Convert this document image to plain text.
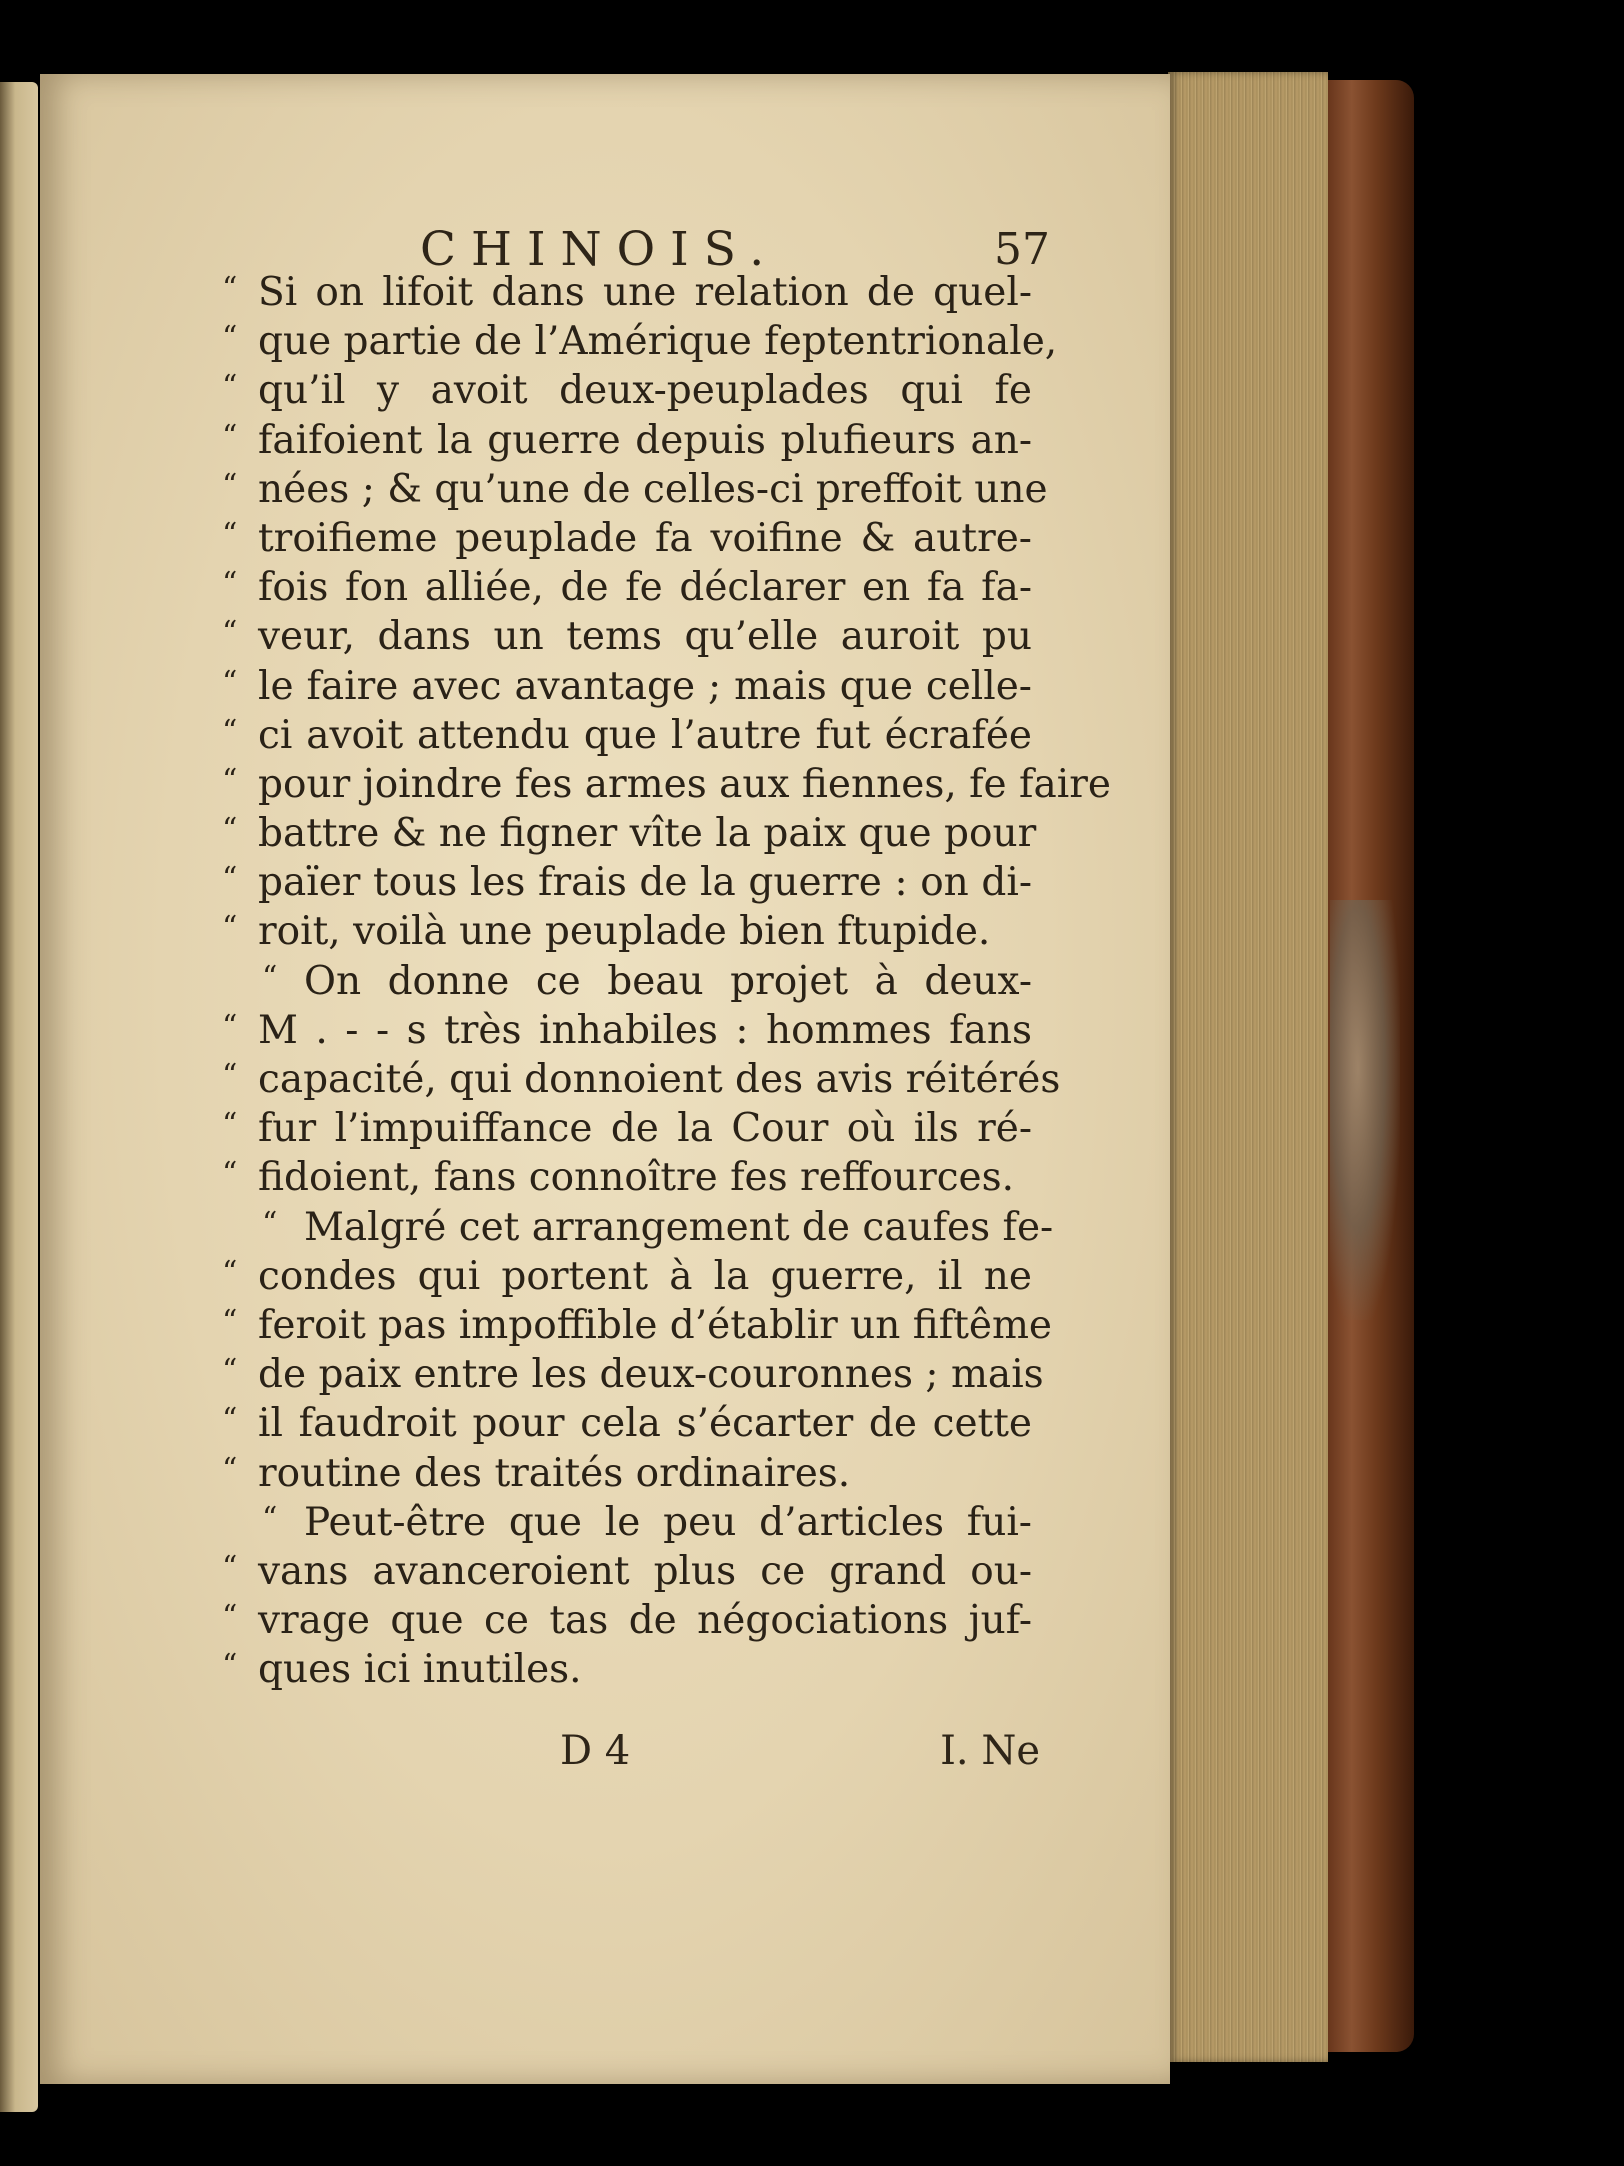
CHINOIS.	57
“ Si on lifoit dans une relation de quel-
“ que partie de l’Amérique feptentrionale,
“ qu’il y avoit deux-peuplades qui fe
“ faifoient la guerre depuis plufieurs an-
“ nées ; & qu’une de celles-ci preffoit une
“ troifieme peuplade fa voifine & autre-
“ fois fon alliée, de fe déclarer en fa fa-
“ veur, dans un tems qu’elle auroit pu
“ le faire avec avantage ; mais que celle-
“ ci avoit attendu que l’autre fut écrafée
“ pour joindre fes armes aux fiennes, fe faire
“ battre & ne figner vîte la paix que pour
“ païer tous les frais de la guerre : on di-
“ roit, voilà une peuplade bien ftupide.
“ On donne ce beau projet à deux-
“ M . - - s très inhabiles : hommes fans
“ capacité, qui donnoient des avis réitérés
“ fur l’impuiffance de la Cour où ils ré-
“ fidoient, fans connoître fes reffources.
“ Malgré cet arrangement de caufes fe-
“ condes qui portent à la guerre, il ne
“ feroit pas impoffible d’établir un fiftême
“ de paix entre les deux-couronnes ; mais
“ il faudroit pour cela s’écarter de cette
“ routine des traités ordinaires.
“ Peut-être que le peu d’articles fui-
“ vans avanceroient plus ce grand ou-
“ vrage que ce tas de négociations juf-
“ ques ici inutiles.
D 4	I. Ne
